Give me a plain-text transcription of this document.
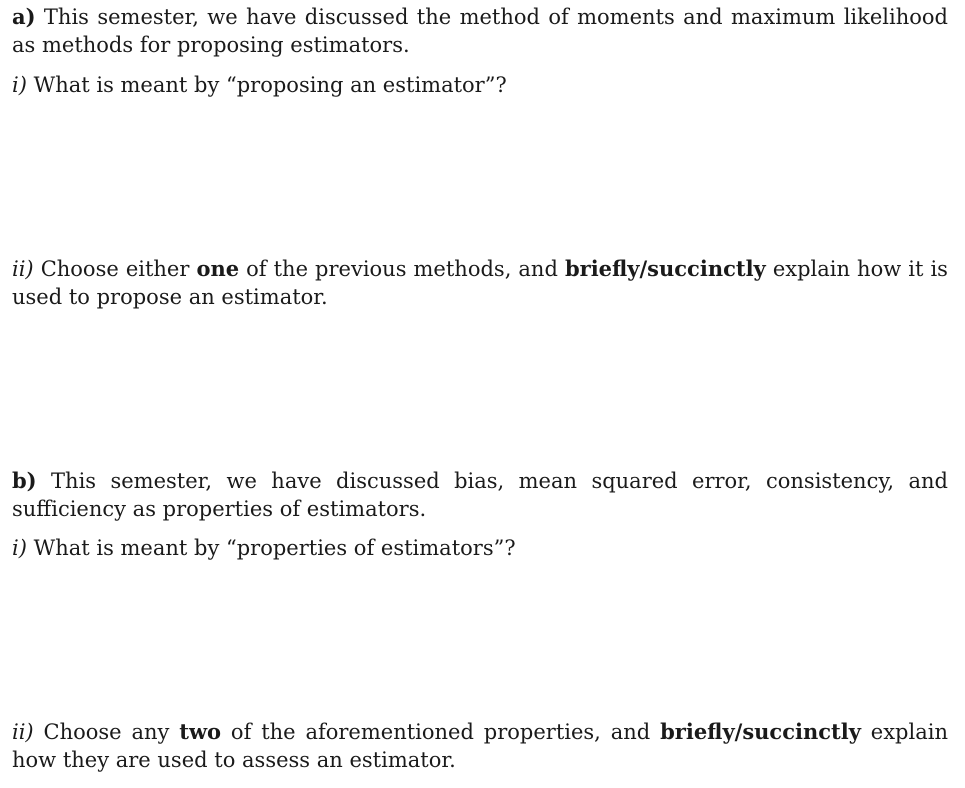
a) This semester, we have discussed the method of moments and maximum likelihood as methods for proposing estimators.
i) What is meant by “proposing an estimator”?
ii) Choose either one of the previous methods, and briefly/succinctly explain how it is used to propose an estimator.
b) This semester, we have discussed bias, mean squared error, consistency, and sufficiency as properties of estimators.
i) What is meant by “properties of estimators”?
ii) Choose any two of the aforementioned properties, and briefly/succinctly explain how they are used to assess an estimator.
